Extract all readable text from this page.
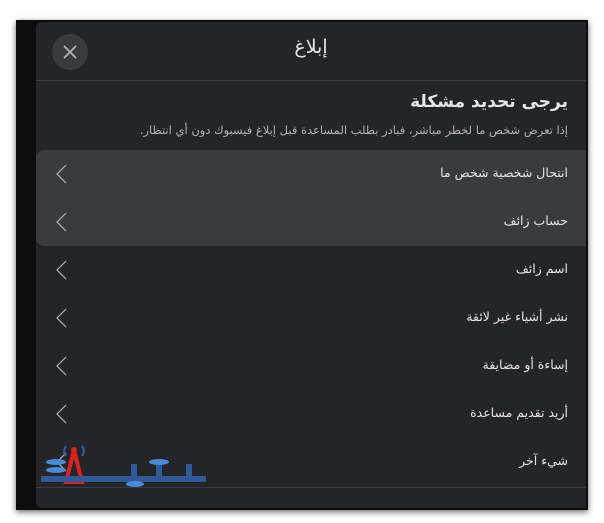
إبلاغ
يرجى تحديد مشكلة
إذا تعرض شخص ما لخطر مباشر، فبادر بطلب المساعدة قبل إبلاغ فيسبوك دون أي انتظار.
انتحال شخصية شخص ما
حساب زائف
اسم زائف
نشر أشياء غير لائقة
إساءة أو مضايقة
أريد تقديم مساعدة
شيء آخر
